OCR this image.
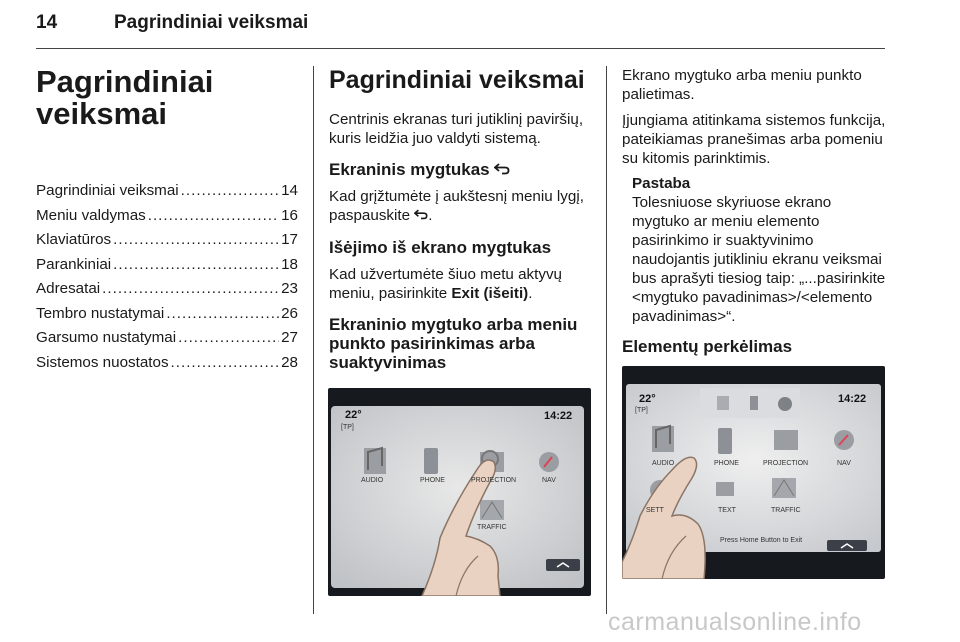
14	Pagrindiniai veiksmai
Pagrindiniai veiksmai
Pagrindiniai veiksmai .....	14
Meniu valdymas .....	16
Klaviatūros .....	17
Parankiniai .....	18
Adresatai .....	23
Tembro nustatymai .....	26
Garsumo nustatymai .....	27
Sistemos nuostatos .....	28
Pagrindiniai veiksmai

Centrinis ekranas turi jutiklinį paviršių, kuris leidžia juo valdyti sistemą.

Ekraninis mygtukas

Kad grįžtumėte į aukštesnį meniu lygį, paspauskite .

Išėjimo iš ekrano mygtukas

Kad užvertumėte šiuo metu aktyvų meniu, pasirinkite Exit (išeiti).

Ekraninio mygtuko arba meniu punkto pasirinkimas arba suaktyvinimas
22°
[TP]
14:22
AUDIO	PHONE	PROJECTION	NAV
TRAFFIC

Ekrano mygtuko arba meniu punkto palietimas.

Įjungiama atitinkama sistemos funkcija, pateikiamas pranešimas arba pomeniu su kitomis parinktimis.

Pastaba
Tolesniuose skyriuose ekrano mygtuko ar meniu elemento pasirinkimo ir suaktyvinimo naudojantis jutikliniu ekranu veiksmai bus aprašyti tiesiog taip: „...pasirinkite <mygtuko pavadinimas>/<elemento pavadinimas>“.
Elementų perkėlimas
22°
[TP]
14:22
AUDIO	PHONE	PROJECTION	NAV
SETT	TEXT	TRAFFIC
Press Home Button to Exit
carmanualsonline.info
